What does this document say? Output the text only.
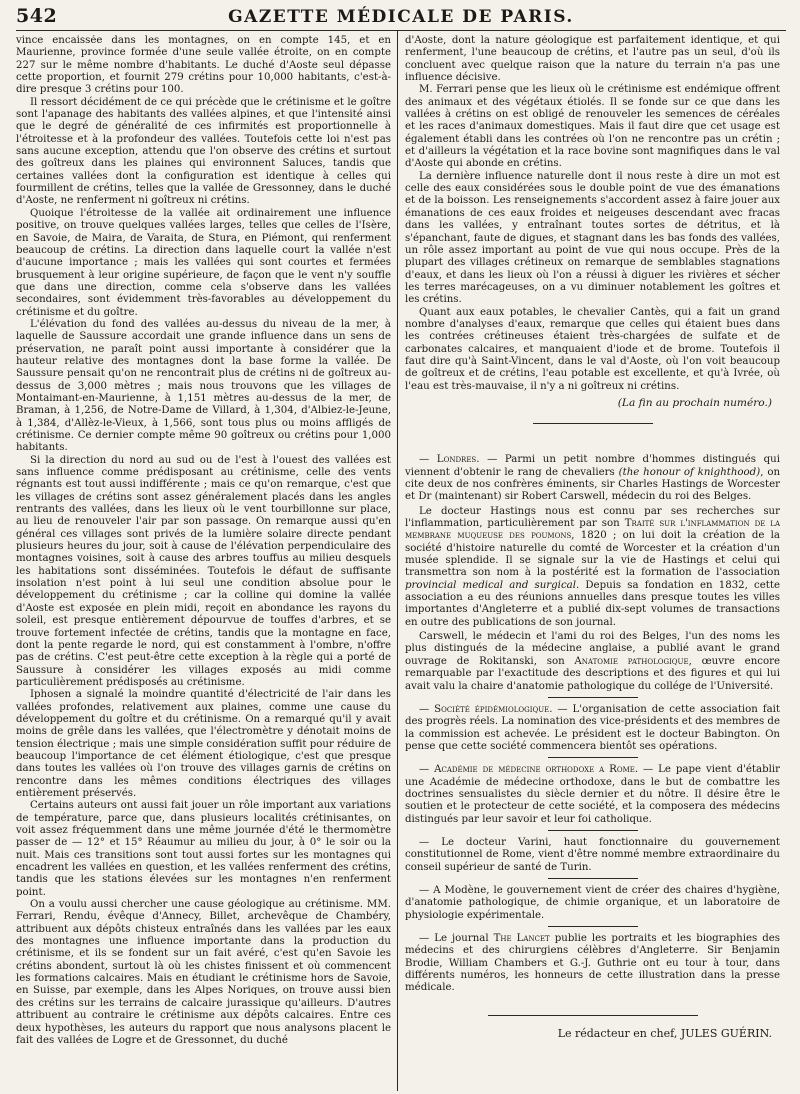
542	GAZETTE MÉDICALE DE PARIS.

vince encaissée dans les montagnes, on en compte 145, et en Maurienne, province formée d'une seule vallée étroite, on en compte 227 sur le même nombre d'habitants. Le duché d'Aoste seul dépasse cette proportion, et fournit 279 crétins pour 10,000 habitants, c'est-à-dire presque 3 crétins pour 100.

Il ressort décidément de ce qui précède que le crétinisme et le goître sont l'apanage des habitants des vallées alpines, et que l'intensité ainsi que le degré de généralité de ces infirmités est proportionnelle à l'étroitesse et à la profondeur des vallées. Toutefois cette loi n'est pas sans aucune exception, attendu que l'on observe des crétins et surtout des goîtreux dans les plaines qui environnent Saluces, tandis que certaines vallées dont la configuration est identique à celles qui fourmillent de crétins, telles que la vallée de Gressonney, dans le duché d'Aoste, ne renferment ni goîtreux ni crétins.

Quoique l'étroitesse de la vallée ait ordinairement une influence positive, on trouve quelques vallées larges, telles que celles de l'Isère, en Savoie, de Maira, de Varaita, de Stura, en Piémont, qui renferment beaucoup de crétins. La direction dans laquelle court la vallée n'est d'aucune importance ; mais les vallées qui sont courtes et fermées brusquement à leur origine supérieure, de façon que le vent n'y souffle que dans une direction, comme cela s'observe dans les vallées secondaires, sont évidemment très-favorables au développement du crétinisme et du goître.

L'élévation du fond des vallées au-dessus du niveau de la mer, à laquelle de Saussure accordait une grande influence dans un sens de préservation, ne paraît point aussi importante à considérer que la hauteur relative des montagnes dont la base forme la vallée. De Saussure pensait qu'on ne rencontrait plus de crétins ni de goîtreux au-dessus de 3,000 mètres ; mais nous trouvons que les villages de Montaimant-en-Maurienne, à 1,151 mètres au-dessus de la mer, de Braman, à 1,256, de Notre-Dame de Villard, à 1,304, d'Albiez-le-Jeune, à 1,384, d'Allèz-le-Vieux, à 1,566, sont tous plus ou moins affligés de crétinisme. Ce dernier compte même 90 goîtreux ou crétins pour 1,000 habitants.

Si la direction du nord au sud ou de l'est à l'ouest des vallées est sans influence comme prédisposant au crétinisme, celle des vents régnants est tout aussi indifférente ; mais ce qu'on remarque, c'est que les villages de crétins sont assez généralement placés dans les angles rentrants des vallées, dans les lieux où le vent tourbillonne sur place, au lieu de renouveler l'air par son passage. On remarque aussi qu'en général ces villages sont privés de la lumière solaire directe pendant plusieurs heures du jour, soit à cause de l'élévation perpendiculaire des montagnes voisines, soit à cause des arbres touffus au milieu desquels les habitations sont disséminées. Toutefois le défaut de suffisante insolation n'est point à lui seul une condition absolue pour le développement du crétinisme ; car la colline qui domine la vallée d'Aoste est exposée en plein midi, reçoit en abondance les rayons du soleil, est presque entièrement dépourvue de touffes d'arbres, et se trouve fortement infectée de crétins, tandis que la montagne en face, dont la pente regarde le nord, qui est constamment à l'ombre, n'offre pas de crétins. C'est peut-être cette exception à la règle qui a porté de Saussure à considérer les villages exposés au midi comme particulièrement prédisposés au crétinisme.

Iphosen a signalé la moindre quantité d'électricité de l'air dans les vallées profondes, relativement aux plaines, comme une cause du développement du goître et du crétinisme. On a remarqué qu'il y avait moins de grêle dans les vallées, que l'électromètre y dénotait moins de tension électrique ; mais une simple considération suffit pour réduire de beaucoup l'importance de cet élément étiologique, c'est que presque dans toutes les vallées où l'on trouve des villages garnis de crétins on rencontre dans les mêmes conditions électriques des villages entièrement préservés.

Certains auteurs ont aussi fait jouer un rôle important aux variations de température, parce que, dans plusieurs localités crétinisantes, on voit assez fréquemment dans une même journée d'été le thermomètre passer de — 12° et 15° Réaumur au milieu du jour, à 0° le soir ou la nuit. Mais ces transitions sont tout aussi fortes sur les montagnes qui encadrent les vallées en question, et les vallées renferment des crétins, tandis que les stations élevées sur les montagnes n'en renferment point.

On a voulu aussi chercher une cause géologique au crétinisme. MM. Ferrari, Rendu, évêque d'Annecy, Billet, archevêque de Chambéry, attribuent aux dépôts chisteux entraînés dans les vallées par les eaux des montagnes une influence importante dans la production du crétinisme, et ils se fondent sur un fait avéré, c'est qu'en Savoie les crétins abondent, surtout là où les chistes finissent et où commencent les formations calcaires. Mais en étudiant le crétinisme hors de Savoie, en Suisse, par exemple, dans les Alpes Noriques, on trouve aussi bien des crétins sur les terrains de calcaire jurassique qu'ailleurs. D'autres attribuent au contraire le crétinisme aux dépôts calcaires. Entre ces deux hypothèses, les auteurs du rapport que nous analysons placent le fait des vallées de Logre et de Gressonnet, du duché

d'Aoste, dont la nature géologique est parfaitement identique, et qui renferment, l'une beaucoup de crétins, et l'autre pas un seul, d'où ils concluent avec quelque raison que la nature du terrain n'a pas une influence décisive.

M. Ferrari pense que les lieux où le crétinisme est endémique offrent des animaux et des végétaux étiolés. Il se fonde sur ce que dans les vallées à crétins on est obligé de renouveler les semences de céréales et les races d'animaux domestiques. Mais il faut dire que cet usage est également établi dans les contrées où l'on ne rencontre pas un crétin ; et d'ailleurs la végétation et la race bovine sont magnifiques dans le val d'Aoste qui abonde en crétins.

La dernière influence naturelle dont il nous reste à dire un mot est celle des eaux considérées sous le double point de vue des émanations et de la boisson. Les renseignements s'accordent assez à faire jouer aux émanations de ces eaux froides et neigeuses descendant avec fracas dans les vallées, y entraînant toutes sortes de détritus, et là s'épanchant, faute de digues, et stagnant dans les bas fonds des vallées, un rôle assez important au point de vue qui nous occupe. Près de la plupart des villages crétineux on remarque de semblables stagnations d'eaux, et dans les lieux où l'on a réussi à diguer les rivières et sécher les terres marécageuses, on a vu diminuer notablement les goîtres et les crétins.

Quant aux eaux potables, le chevalier Cantès, qui a fait un grand nombre d'analyses d'eaux, remarque que celles qui étaient bues dans les contrées crétineuses étaient très-chargées de sulfate et de carbonates calcaires, et manquaient d'iode et de brome. Toutefois il faut dire qu'à Saint-Vincent, dans le val d'Aoste, où l'on voit beaucoup de goîtreux et de crétins, l'eau potable est excellente, et qu'à Ivrée, où l'eau est très-mauvaise, il n'y a ni goîtreux ni crétins.

(La fin au prochain numéro.)

— Londres. — Parmi un petit nombre d'hommes distingués qui viennent d'obtenir le rang de chevaliers (the honour of knighthood), on cite deux de nos confrères éminents, sir Charles Hastings de Worcester et Dr (maintenant) sir Robert Carswell, médecin du roi des Belges.

Le docteur Hastings nous est connu par ses recherches sur l'inflammation, particulièrement par son Traité sur l'inflammation de la membrane muqueuse des poumons, 1820 ; on lui doit la création de la société d'histoire naturelle du comté de Worcester et la création d'un musée splendide. Il se signale sur la vie de Hastings et celui qui transmettra son nom à la postérité est la formation de l'association provincial medical and surgical. Depuis sa fondation en 1832, cette association a eu des réunions annuelles dans presque toutes les villes importantes d'Angleterre et a publié dix-sept volumes de transactions en outre des publications de son journal.

Carswell, le médecin et l'ami du roi des Belges, l'un des noms les plus distingués de la médecine anglaise, a publié avant le grand ouvrage de Rokitanski, son Anatomie pathologique, œuvre encore remarquable par l'exactitude des descriptions et des figures et qui lui avait valu la chaire d'anatomie pathologique du collége de l'Université.

— Société épidémiologique. — L'organisation de cette association fait des progrès réels. La nomination des vice-présidents et des membres de la commission est achevée. Le président est le docteur Babington. On pense que cette société commencera bientôt ses opérations.

— Académie de médecine orthodoxe a Rome. — Le pape vient d'établir une Académie de médecine orthodoxe, dans le but de combattre les doctrines sensualistes du siècle dernier et du nôtre. Il désire être le soutien et le protecteur de cette société, et la composera des médecins distingués par leur savoir et leur foi catholique.

— Le docteur Varini, haut fonctionnaire du gouvernement constitutionnel de Rome, vient d'être nommé membre extraordinaire du conseil supérieur de santé de Turin.

— A Modène, le gouvernement vient de créer des chaires d'hygiène, d'anatomie pathologique, de chimie organique, et un laboratoire de physiologie expérimentale.

— Le journal The Lancet publie les portraits et les biographies des médecins et des chirurgiens célèbres d'Angleterre. Sir Benjamin Brodie, William Chambers et G.-J. Guthrie ont eu tour à tour, dans différents numéros, les honneurs de cette illustration dans la presse médicale.

Le rédacteur en chef, JULES GUÉRIN.
